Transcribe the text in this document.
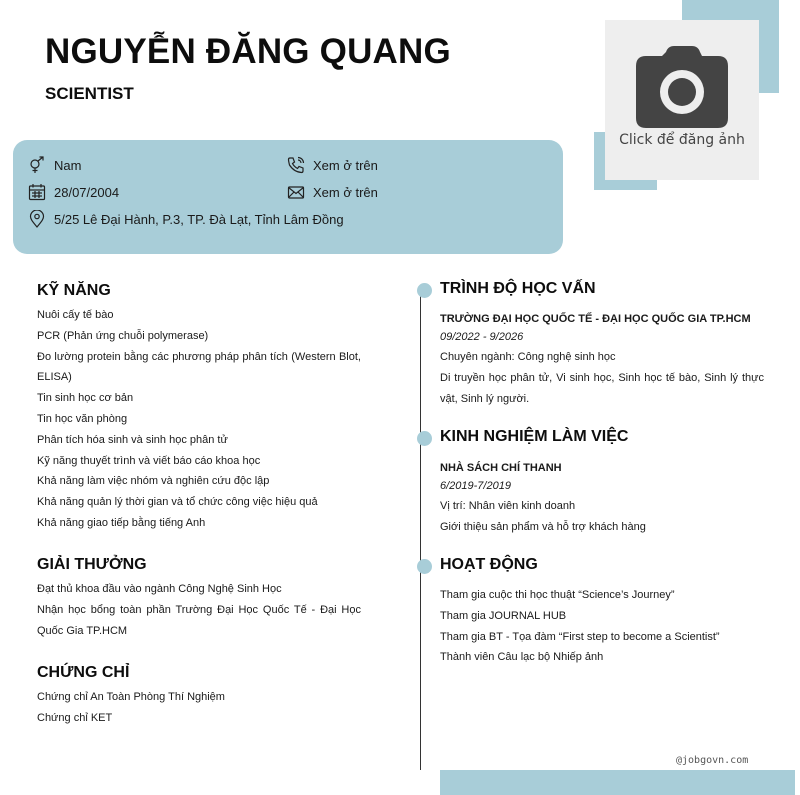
Click để đăng ảnh
NGUYỄN ĐĂNG QUANG
SCIENTIST
Nam
28/07/2004
5/25 Lê Đại Hành, P.3, TP. Đà Lạt, Tỉnh Lâm Đồng
Xem ở trên
Xem ở trên
KỸ NĂNG
Nuôi cấy tế bào
PCR (Phản ứng chuỗi polymerase)
Đo lường protein bằng các phương pháp phân tích (Western Blot, ELISA)
Tin sinh học cơ bản
Tin học văn phòng
Phân tích hóa sinh và sinh học phân tử
Kỹ năng thuyết trình và viết báo cáo khoa học
Khả năng làm việc nhóm và nghiên cứu độc lập
Khả năng quản lý thời gian và tổ chức công việc hiệu quả
Khả năng giao tiếp bằng tiếng Anh
GIẢI THƯỞNG
Đạt thủ khoa đầu vào ngành Công Nghệ Sinh Học
Nhận học bổng toàn phần Trường Đại Học Quốc Tế - Đại Học Quốc Gia TP.HCM
CHỨNG CHỈ
Chứng chỉ An Toàn Phòng Thí Nghiệm
Chứng chỉ KET
TRÌNH ĐỘ HỌC VẤN
TRƯỜNG ĐẠI HỌC QUỐC TẾ - ĐẠI HỌC QUỐC GIA TP.HCM
09/2022 - 9/2026
Chuyên ngành: Công nghệ sinh học
Di truyền học phân tử, Vi sinh học, Sinh học tế bào, Sinh lý thực vật, Sinh lý người.
KINH NGHIỆM LÀM VIỆC
NHÀ SÁCH CHÍ THANH
6/2019-7/2019
Vị trí: Nhân viên kinh doanh
Giới thiệu sản phẩm và hỗ trợ khách hàng
HOẠT ĐỘNG
Tham gia cuộc thi học thuật “Science’s Journey”
Tham gia JOURNAL HUB
Tham gia BT - Tọa đàm “First step to become a Scientist”
Thành viên Câu lạc bộ Nhiếp ảnh
@jobgovn.com
